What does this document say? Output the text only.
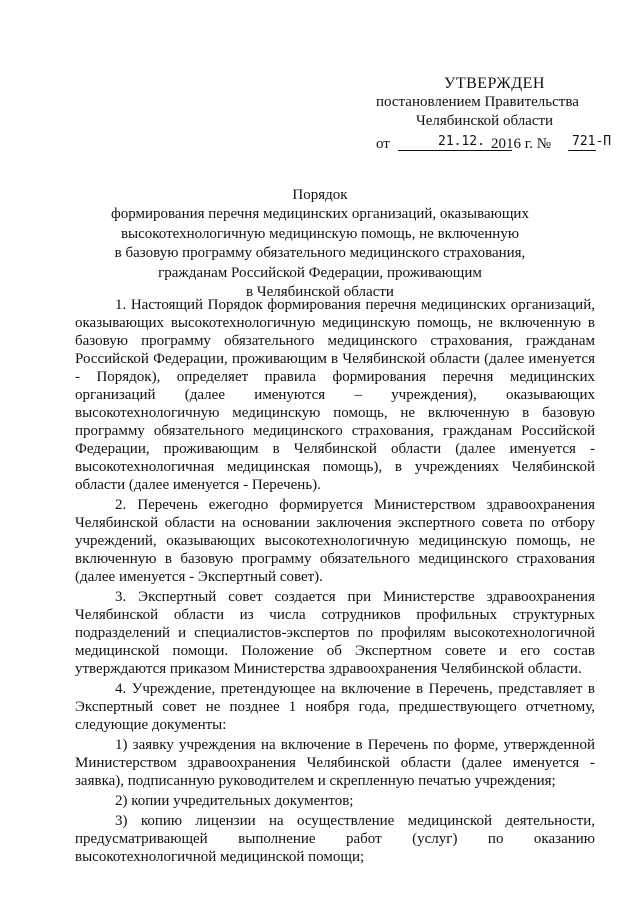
УТВЕРЖДЕН
постановлением Правительства
Челябинской области
от	21.12. 2016 г. № 721-П
Порядок
формирования перечня медицинских организаций, оказывающих
высокотехнологичную медицинскую помощь, не включенную
в базовую программу обязательного медицинского страхования,
гражданам Российской Федерации, проживающим
в Челябинской области

1. Настоящий Порядок формирования перечня медицинских организаций, оказывающих высокотехнологичную медицинскую помощь, не включенную в базовую программу обязательного медицинского страхования, гражданам Российской Федерации, проживающим в Челябинской области (далее именуется - Порядок), определяет правила формирования перечня медицинских организаций (далее именуются – учреждения), оказывающих высокотехнологичную медицинскую помощь, не включенную в базовую программу обязательного медицинского страхования, гражданам Российской Федерации, проживающим в Челябинской области (далее именуется - высокотехнологичная медицинская помощь), в учреждениях Челябинской области (далее именуется - Перечень).

2. Перечень ежегодно формируется Министерством здравоохранения Челябинской области на основании заключения экспертного совета по отбору учреждений, оказывающих высокотехнологичную медицинскую помощь, не включенную в базовую программу обязательного медицинского страхования (далее именуется - Экспертный совет).

3. Экспертный совет создается при Министерстве здравоохранения Челябинской области из числа сотрудников профильных структурных подразделений и специалистов-экспертов по профилям высокотехнологичной медицинской помощи. Положение об Экспертном совете и его состав утверждаются приказом Министерства здравоохранения Челябинской области.

4. Учреждение, претендующее на включение в Перечень, представляет в Экспертный совет не позднее 1 ноября года, предшествующего отчетному, следующие документы:

1) заявку учреждения на включение в Перечень по форме, утвержденной Министерством здравоохранения Челябинской области (далее именуется - заявка), подписанную руководителем и скрепленную печатью учреждения;

2) копии учредительных документов;

3) копию лицензии на осуществление медицинской деятельности, предусматривающей выполнение работ (услуг) по оказанию высокотехнологичной медицинской помощи;
